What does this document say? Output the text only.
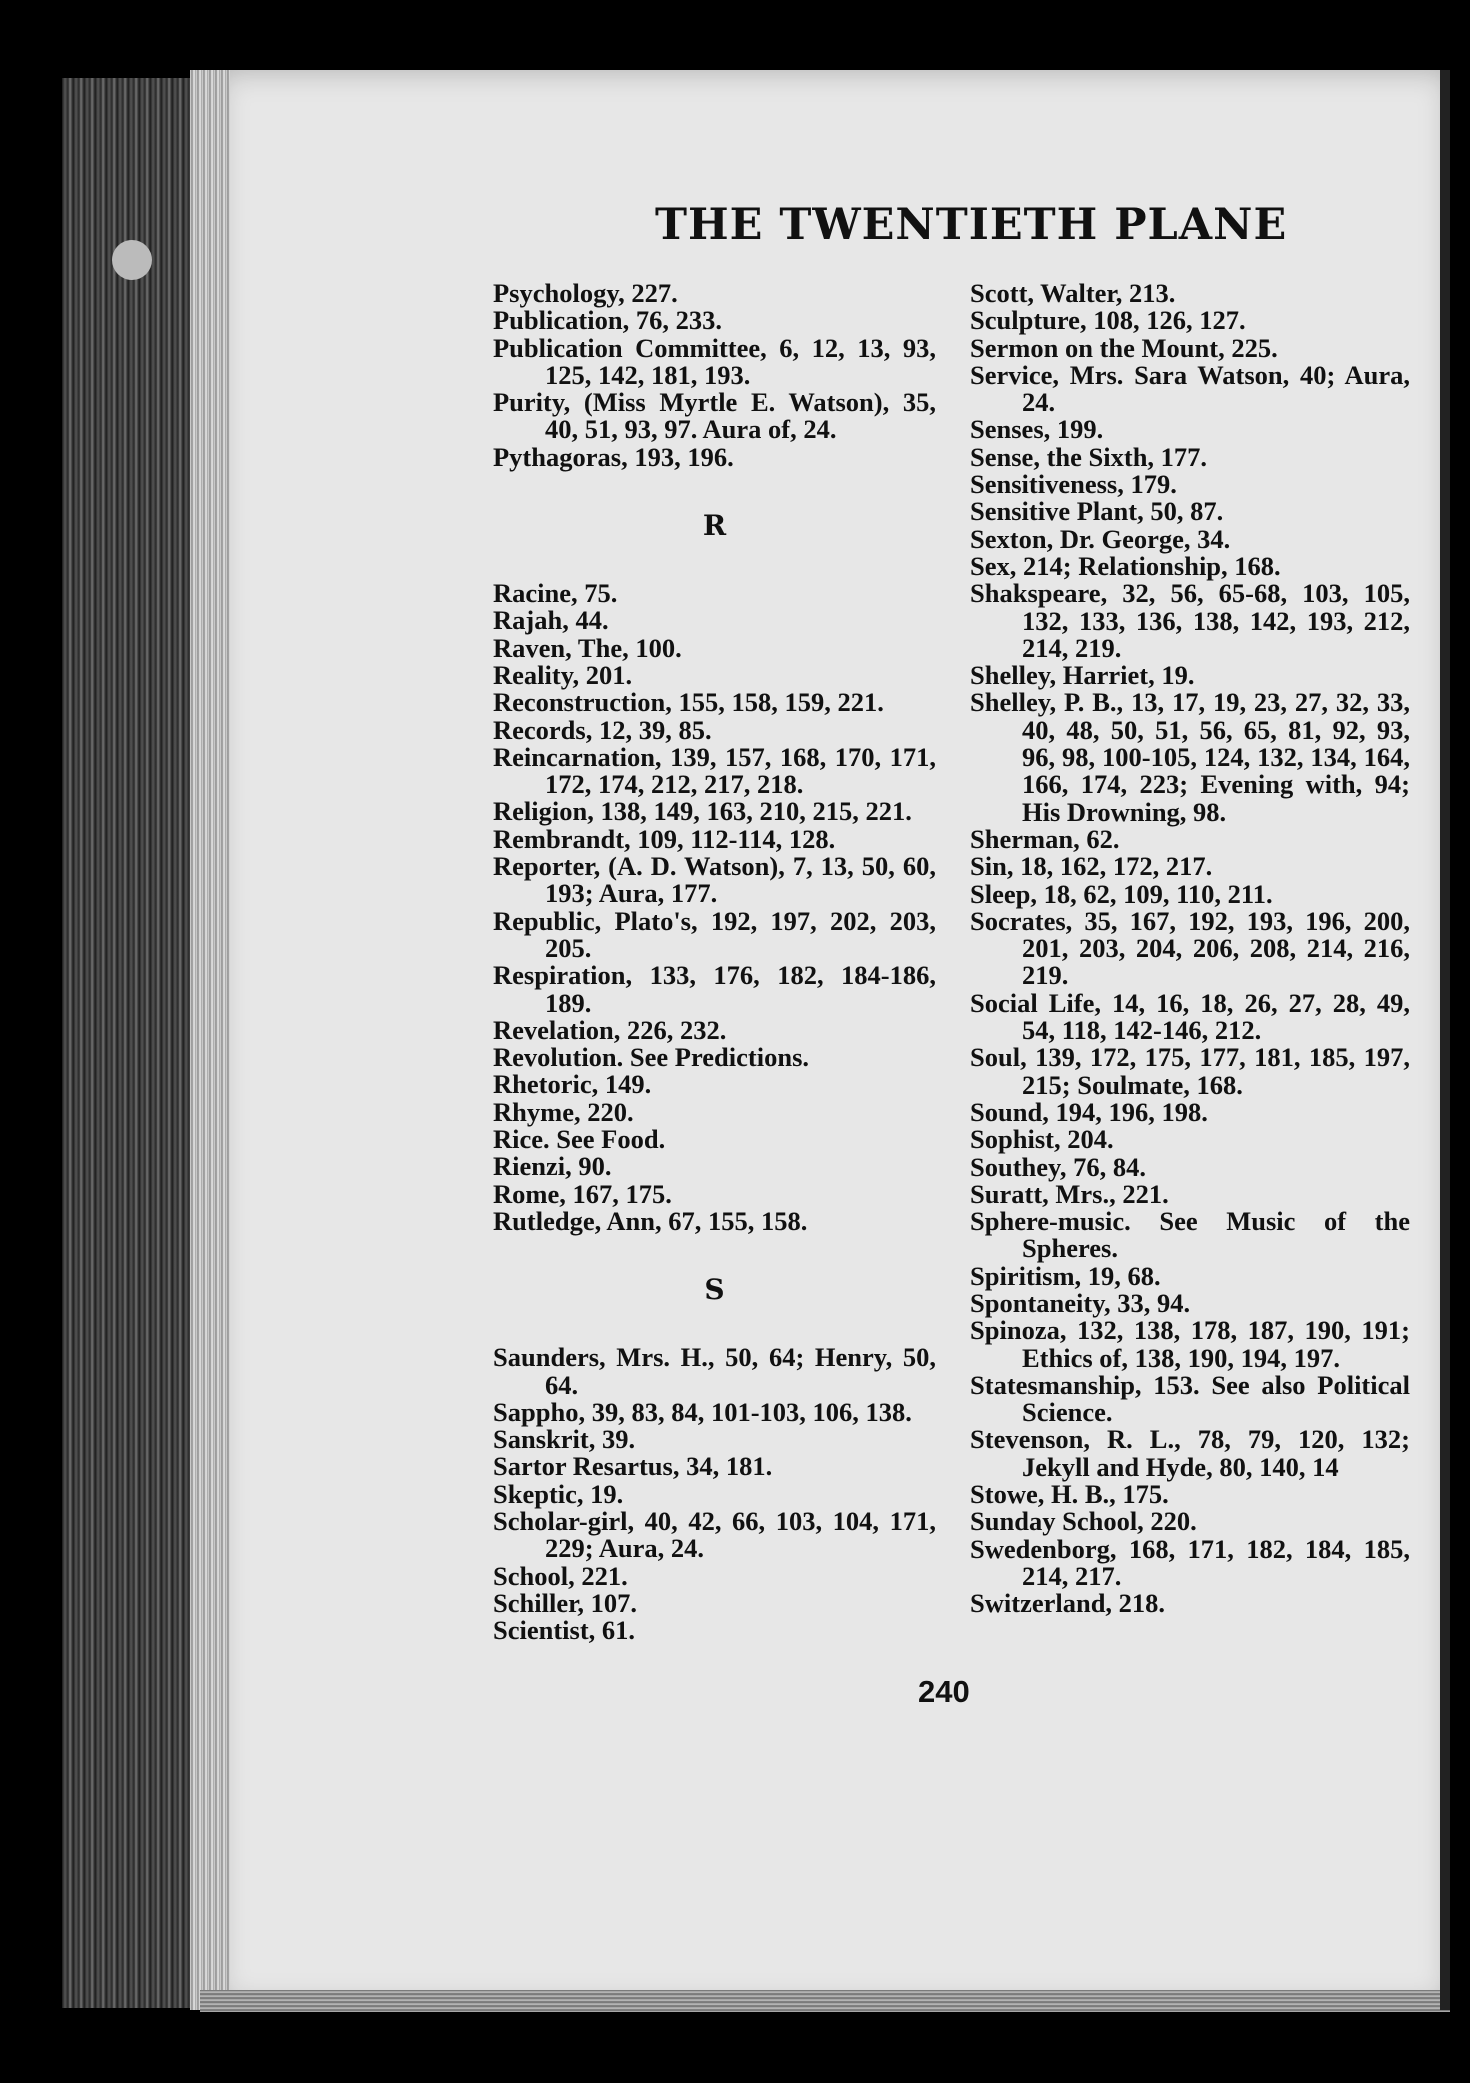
THE TWENTIETH PLANE

Psychology, 227.

Publication, 76, 233.

Publication Committee, 6, 12, 13, 93, 125, 142, 181, 193.

Purity, (Miss Myrtle E. Watson), 35, 40, 51, 93, 97. Aura of, 24.

Pythagoras, 193, 196.

R

Racine, 75.

Rajah, 44.

Raven, The, 100.

Reality, 201.

Reconstruction, 155, 158, 159, 221.

Records, 12, 39, 85.

Reincarnation, 139, 157, 168, 170, 171, 172, 174, 212, 217, 218.

Religion, 138, 149, 163, 210, 215, 221.

Rembrandt, 109, 112-114, 128.

Reporter, (A. D. Watson), 7, 13, 50, 60, 193; Aura, 177.

Republic, Plato's, 192, 197, 202, 203, 205.

Respiration, 133, 176, 182, 184-186, 189.

Revelation, 226, 232.

Revolution. See Predictions.

Rhetoric, 149.

Rhyme, 220.

Rice. See Food.

Rienzi, 90.

Rome, 167, 175.

Rutledge, Ann, 67, 155, 158.

S

Saunders, Mrs. H., 50, 64; Henry, 50, 64.

Sappho, 39, 83, 84, 101-103, 106, 138.

Sanskrit, 39.

Sartor Resartus, 34, 181.

Skeptic, 19.

Scholar-girl, 40, 42, 66, 103, 104, 171, 229; Aura, 24.

School, 221.

Schiller, 107.

Scientist, 61.

Scott, Walter, 213.

Sculpture, 108, 126, 127.

Sermon on the Mount, 225.

Service, Mrs. Sara Watson, 40; Aura, 24.

Senses, 199.

Sense, the Sixth, 177.

Sensitiveness, 179.

Sensitive Plant, 50, 87.

Sexton, Dr. George, 34.

Sex, 214; Relationship, 168.

Shakspeare, 32, 56, 65-68, 103, 105, 132, 133, 136, 138, 142, 193, 212, 214, 219.

Shelley, Harriet, 19.

Shelley, P. B., 13, 17, 19, 23, 27, 32, 33, 40, 48, 50, 51, 56, 65, 81, 92, 93, 96, 98, 100-105, 124, 132, 134, 164, 166, 174, 223; Evening with, 94; His Drowning, 98.

Sherman, 62.

Sin, 18, 162, 172, 217.

Sleep, 18, 62, 109, 110, 211.

Socrates, 35, 167, 192, 193, 196, 200, 201, 203, 204, 206, 208, 214, 216, 219.

Social Life, 14, 16, 18, 26, 27, 28, 49, 54, 118, 142-146, 212.

Soul, 139, 172, 175, 177, 181, 185, 197, 215; Soulmate, 168.

Sound, 194, 196, 198.

Sophist, 204.

Southey, 76, 84.

Suratt, Mrs., 221.

Sphere-music. See Music of the Spheres.

Spiritism, 19, 68.

Spontaneity, 33, 94.

Spinoza, 132, 138, 178, 187, 190, 191; Ethics of, 138, 190, 194, 197.

Statesmanship, 153. See also Political Science.

Stevenson, R. L., 78, 79, 120, 132; Jekyll and Hyde, 80, 140, 14

Stowe, H. B., 175.

Sunday School, 220.

Swedenborg, 168, 171, 182, 184, 185, 214, 217.

Switzerland, 218.

240
